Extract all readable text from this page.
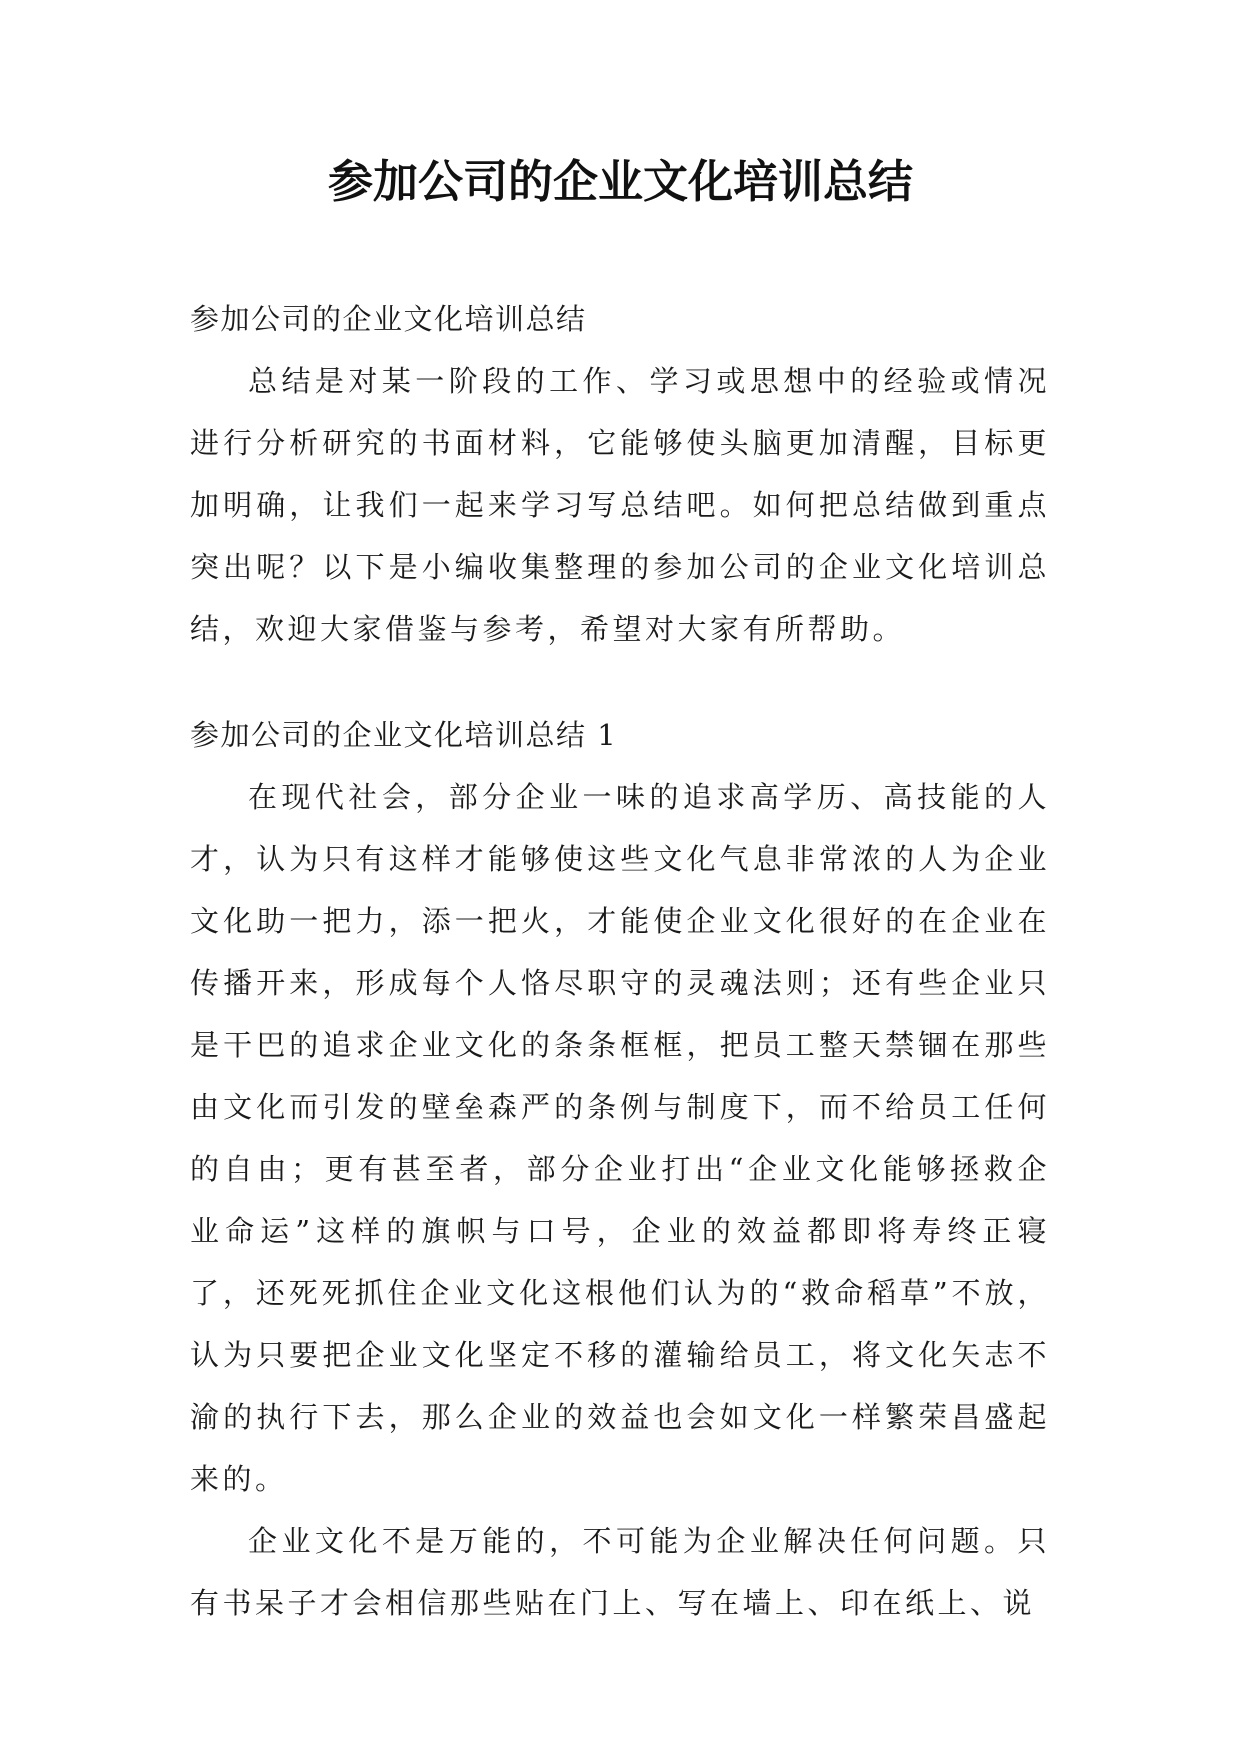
参加公司的企业文化培训总结

参加公司的企业文化培训总结

总结是对某一阶段的工作、学习或思想中的经验或情况进行分析研究的书面材料，它能够使头脑更加清醒，目标更加明确，让我们一起来学习写总结吧。如何把总结做到重点突出呢？以下是小编收集整理的参加公司的企业文化培训总结，欢迎大家借鉴与参考，希望对大家有所帮助。

参加公司的企业文化培训总结 1

在现代社会，部分企业一味的追求高学历、高技能的人才，认为只有这样才能够使这些文化气息非常浓的人为企业文化助一把力，添一把火，才能使企业文化很好的在企业在传播开来，形成每个人恪尽职守的灵魂法则；还有些企业只是干巴的追求企业文化的条条框框，把员工整天禁锢在那些由文化而引发的壁垒森严的条例与制度下，而不给员工任何的自由；更有甚至者，部分企业打出“企业文化能够拯救企业命运”这样的旗帜与口号，企业的效益都即将寿终正寝了，还死死抓住企业文化这根他们认为的“救命稻草”不放，认为只要把企业文化坚定不移的灌输给员工，将文化矢志不渝的执行下去，那么企业的效益也会如文化一样繁荣昌盛起来的。

企业文化不是万能的，不可能为企业解决任何问题。只有书呆子才会相信那些贴在门上、写在墙上、印在纸上、说
